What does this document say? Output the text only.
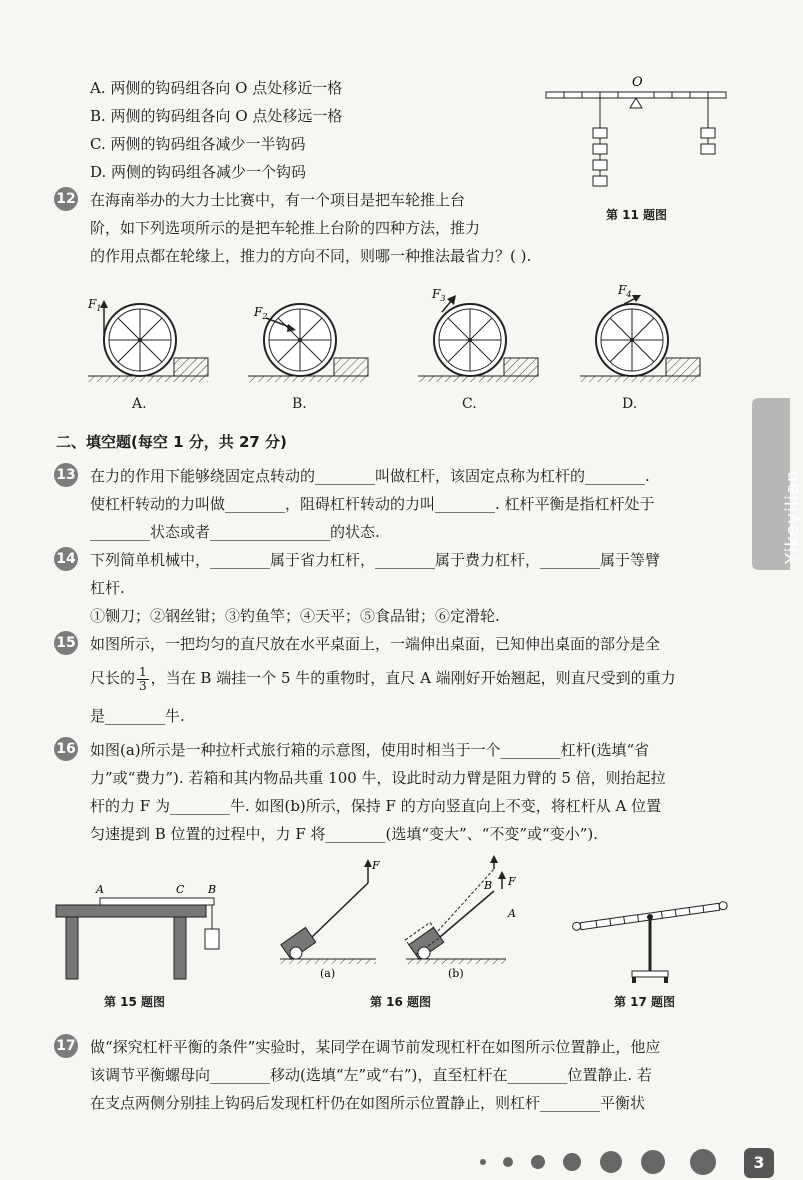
A. 两侧的钩码组各向 O 点处移近一格
B. 两侧的钩码组各向 O 点处移远一格
C. 两侧的钩码组各减少一半钩码
D. 两侧的钩码组各减少一个钩码
O
第 11 题图
12 在海南举办的大力士比赛中，有一个项目是把车轮推上台
阶，如下列选项所示的是把车轮推上台阶的四种方法，推力
的作用点都在轮缘上，推力的方向不同，则哪一种推法最省力？( ).
$F_1$	$F_2$
$F_3$
$F_4$
A.	B.	C.	D.
二、填空题(每空 1 分，共 27 分)
13 在力的作用下能够绕固定点转动的________叫做杠杆，该固定点称为杠杆的________.
使杠杆转动的力叫做________，阻碍杠杆转动的力叫________. 杠杆平衡是指杠杆处于
________状态或者________________的状态.
14 下列简单机械中，________属于省力杠杆，________属于费力杠杆，________属于等臂
杠杆.
①铡刀；②钢丝钳；③钓鱼竿；④天平；⑤食品钳；⑥定滑轮.
15 如图所示，一把均匀的直尺放在水平桌面上，一端伸出桌面，已知伸出桌面的部分是全
尺长的 $\frac{1}{3}$ ，当在 B 端挂一个 5 牛的重物时，直尺 A 端刚好开始翘起，则直尺受到的重力
是________牛.
16 如图(a)所示是一种拉杆式旅行箱的示意图，使用时相当于一个________杠杆(选填“省
力”或“费力”). 若箱和其内物品共重 100 牛，设此时动力臂是阻力臂的 5 倍，则抬起拉
杆的力 F 为________牛. 如图(b)所示，保持 F 的方向竖直向上不变，将杠杆从 A 位置
匀速提到 B 位置的过程中，力 F 将________(选填“变大”、“不变”或“变小”).
A	C B
F
(a)
B F
A
(b)
第 15 题图	第 16 题图	第 17 题图
17 做“探究杠杆平衡的条件”实验时，某同学在调节前发现杠杆在如图所示位置静止，他应
该调节平衡螺母向________移动(选填“左”或“右”)，直至杠杆在________位置静止. 若
在支点两侧分别挂上钩码后发现杠杆仍在如图所示位置静止，则杠杆________平衡状
Yikeyilian
3
